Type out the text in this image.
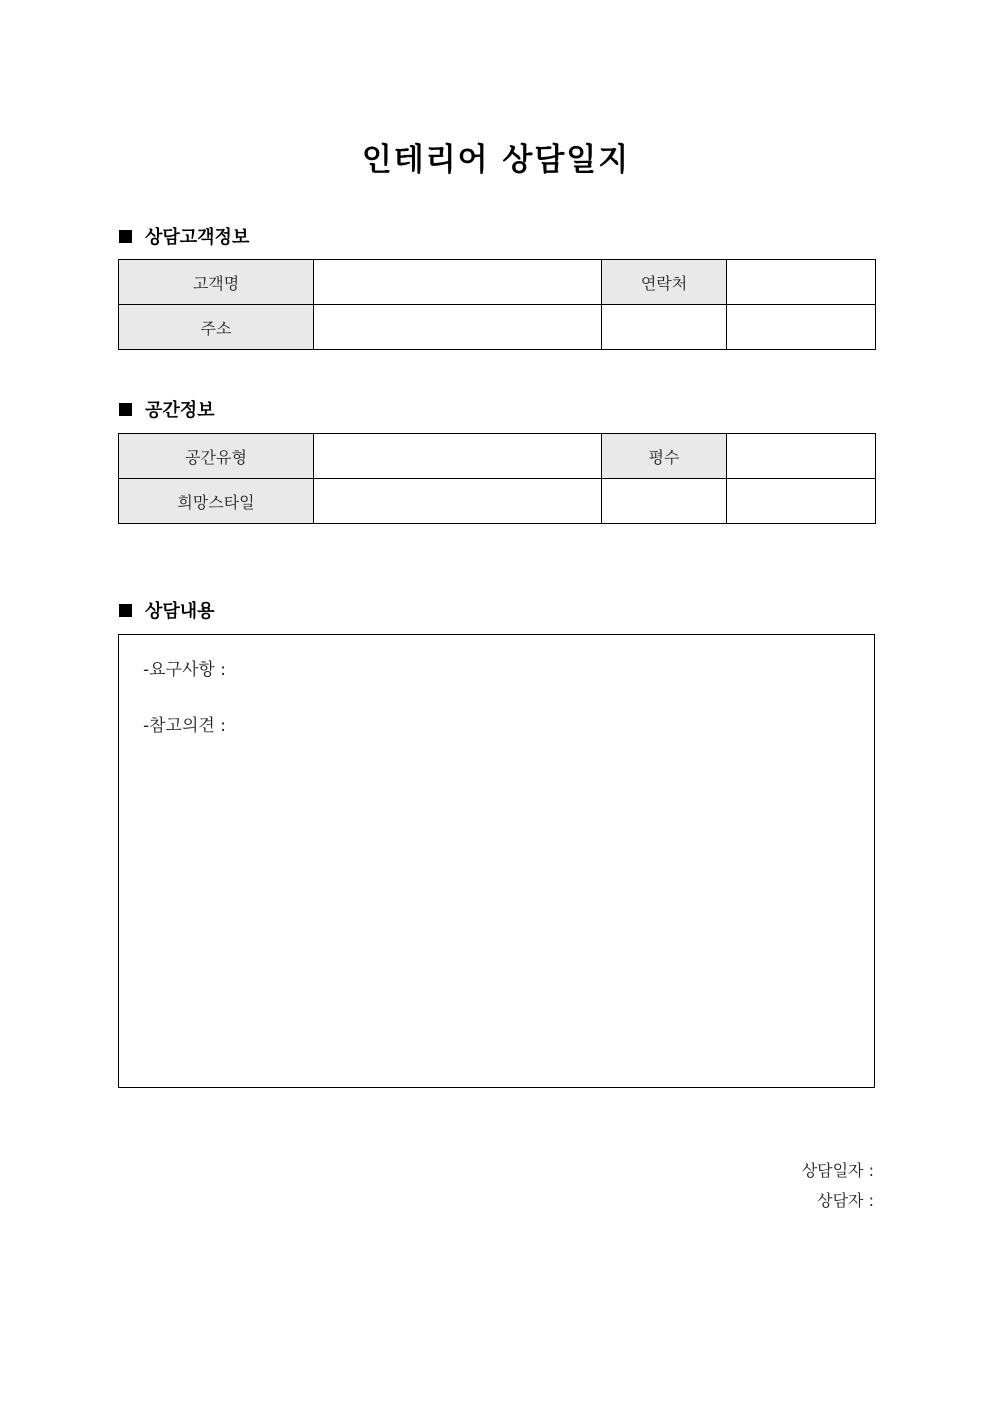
인테리어 상담일지
상담고객정보
고객명		연락처	
주소			
공간정보
공간유형		평수	
희망스타일			
상담내용
-요구사항 :
-참고의견 :
상담일자 :
상담자 :
